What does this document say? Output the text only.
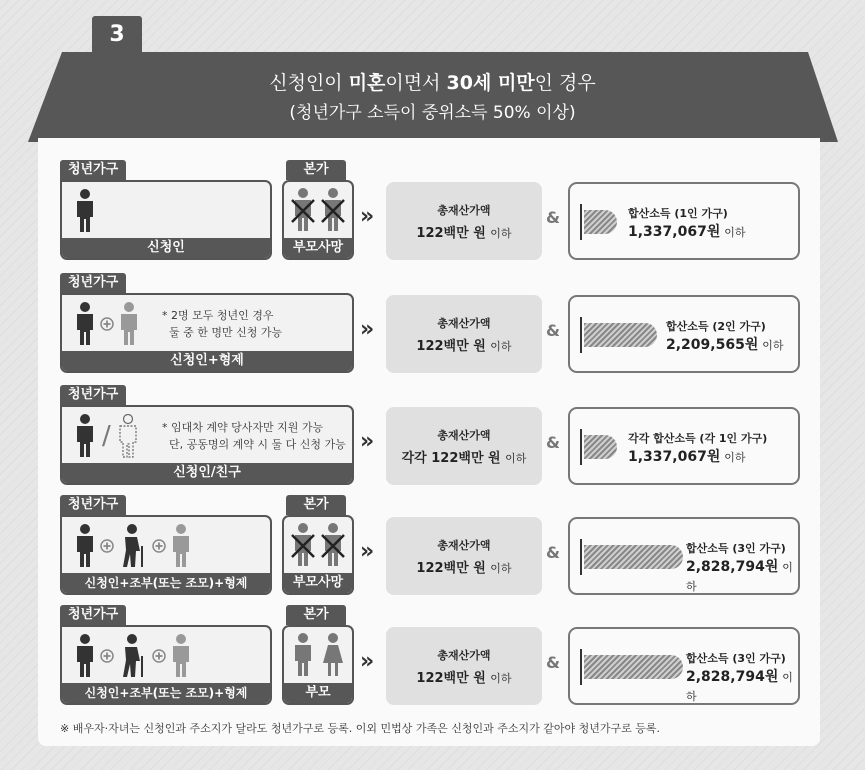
3
신청인이 미혼이면서 30세 미만인 경우
(청년가구 소득이 중위소득 50% 이상)
청년가구
신청인
본가
부모사망
»	총재산가액
122백만 원 이하
&	합산소득 (1인 가구)
1,337,067원 이하
청년가구
* 2명 모두 청년인 경우
둘 중 한 명만 신청 가능
신청인+형제
»	총재산가액
122백만 원 이하
&	합산소득 (2인 가구)
2,209,565원 이하
청년가구
/	* 임대차 계약 당사자만 지원 가능
단, 공동명의 계약 시 둘 다 신청 가능
신청인/친구
»	총재산가액
각각 122백만 원 이하
&	각각 합산소득 (각 1인 가구)
1,337,067원 이하
청년가구
신청인+조부(또는 조모)+형제
본가
부모사망
»	총재산가액
122백만 원 이하
&	합산소득 (3인 가구)
2,828,794원 이하
청년가구
신청인+조부(또는 조모)+형제
본가
부모
»	총재산가액
122백만 원 이하
&	합산소득 (3인 가구)
2,828,794원 이하
※ 배우자·자녀는 신청인과 주소지가 달라도 청년가구로 등록. 이외 민법상 가족은 신청인과 주소지가 같아야 청년가구로 등록.
